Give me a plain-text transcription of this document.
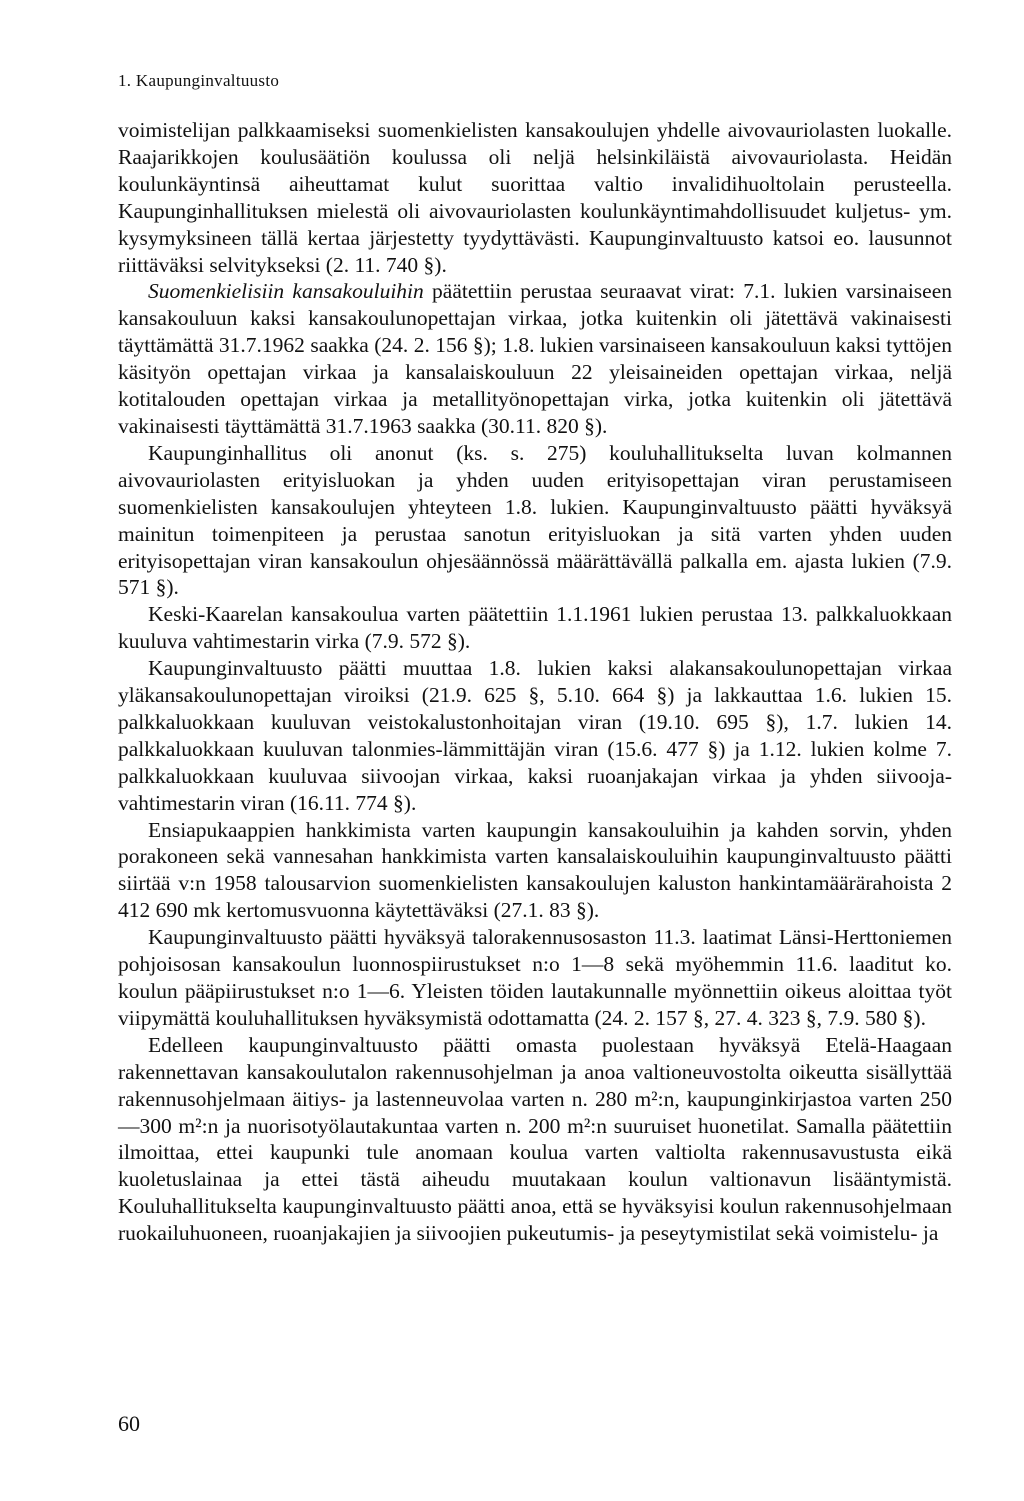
1. Kaupunginvaltuusto

voimistelijan palkkaamiseksi suomenkielisten kansakoulujen yhdelle aivovauriolasten luokalle. Raajarikkojen koulusäätiön koulussa oli neljä helsinkiläistä aivovauriolasta. Heidän koulunkäyntinsä aiheuttamat kulut suorittaa valtio invalidihuoltolain perusteella. Kaupunginhallituksen mielestä oli aivovauriolasten koulunkäyntimahdollisuudet kuljetus- ym. kysymyksineen tällä kertaa järjestetty tyydyttävästi. Kaupunginvaltuusto katsoi eo. lausunnot riittäväksi selvitykseksi (2. 11. 740 §).

Suomenkielisiin kansakouluihin päätettiin perustaa seuraavat virat: 7.1. lukien varsinaiseen kansakouluun kaksi kansakoulunopettajan virkaa, jotka kuitenkin oli jätettävä vakinaisesti täyttämättä 31.7.1962 saakka (24. 2. 156 §); 1.8. lukien varsinaiseen kansakouluun kaksi tyttöjen käsityön opettajan virkaa ja kansalaiskouluun 22 yleisaineiden opettajan virkaa, neljä kotitalouden opettajan virkaa ja metallityönopettajan virka, jotka kuitenkin oli jätettävä vakinaisesti täyttämättä 31.7.1963 saakka (30.11. 820 §).

Kaupunginhallitus oli anonut (ks. s. 275) kouluhallitukselta luvan kolmannen aivovauriolasten erityisluokan ja yhden uuden erityisopettajan viran perustamiseen suomenkielisten kansakoulujen yhteyteen 1.8. lukien. Kaupunginvaltuusto päätti hyväksyä mainitun toimenpiteen ja perustaa sanotun erityisluokan ja sitä varten yhden uuden erityisopettajan viran kansakoulun ohjesäännössä määrättävällä palkalla em. ajasta lukien (7.9. 571 §).

Keski-Kaarelan kansakoulua varten päätettiin 1.1.1961 lukien perustaa 13. palkkaluokkaan kuuluva vahtimestarin virka (7.9. 572 §).

Kaupunginvaltuusto päätti muuttaa 1.8. lukien kaksi alakansakoulunopettajan virkaa yläkansakoulunopettajan viroiksi (21.9. 625 §, 5.10. 664 §) ja lakkauttaa 1.6. lukien 15. palkkaluokkaan kuuluvan veistokalustonhoitajan viran (19.10. 695 §), 1.7. lukien 14. palkkaluokkaan kuuluvan talonmies-lämmittäjän viran (15.6. 477 §) ja 1.12. lukien kolme 7. palkkaluokkaan kuuluvaa siivoojan virkaa, kaksi ruoanjakajan virkaa ja yhden siivooja-vahtimestarin viran (16.11. 774 §).

Ensiapukaappien hankkimista varten kaupungin kansakouluihin ja kahden sorvin, yhden porakoneen sekä vannesahan hankkimista varten kansalaiskouluihin kaupunginvaltuusto päätti siirtää v:n 1958 talousarvion suomenkielisten kansakoulujen kaluston hankintamäärärahoista 2 412 690 mk kertomusvuonna käytettäväksi (27.1. 83 §).

Kaupunginvaltuusto päätti hyväksyä talorakennusosaston 11.3. laatimat Länsi-Herttoniemen pohjoisosan kansakoulun luonnospiirustukset n:o 1—8 sekä myöhemmin 11.6. laaditut ko. koulun pääpiirustukset n:o 1—6. Yleisten töiden lautakunnalle myönnettiin oikeus aloittaa työt viipymättä kouluhallituksen hyväksymistä odottamatta (24. 2. 157 §, 27. 4. 323 §, 7.9. 580 §).

Edelleen kaupunginvaltuusto päätti omasta puolestaan hyväksyä Etelä-Haagaan rakennettavan kansakoulutalon rakennusohjelman ja anoa valtioneuvostolta oikeutta sisällyttää rakennusohjelmaan äitiys- ja lastenneuvolaa varten n. 280 m²:n, kaupunginkirjastoa varten 250—300 m²:n ja nuorisotyölautakuntaa varten n. 200 m²:n suuruiset huonetilat. Samalla päätettiin ilmoittaa, ettei kaupunki tule anomaan koulua varten valtiolta rakennusavustusta eikä kuoletuslainaa ja ettei tästä aiheudu muutakaan koulun valtionavun lisääntymistä. Kouluhallitukselta kaupunginvaltuusto päätti anoa, että se hyväksyisi koulun rakennusohjelmaan ruokailuhuoneen, ruoanjakajien ja siivoojien pukeutumis- ja peseytymistilat sekä voimistelu- ja

60
